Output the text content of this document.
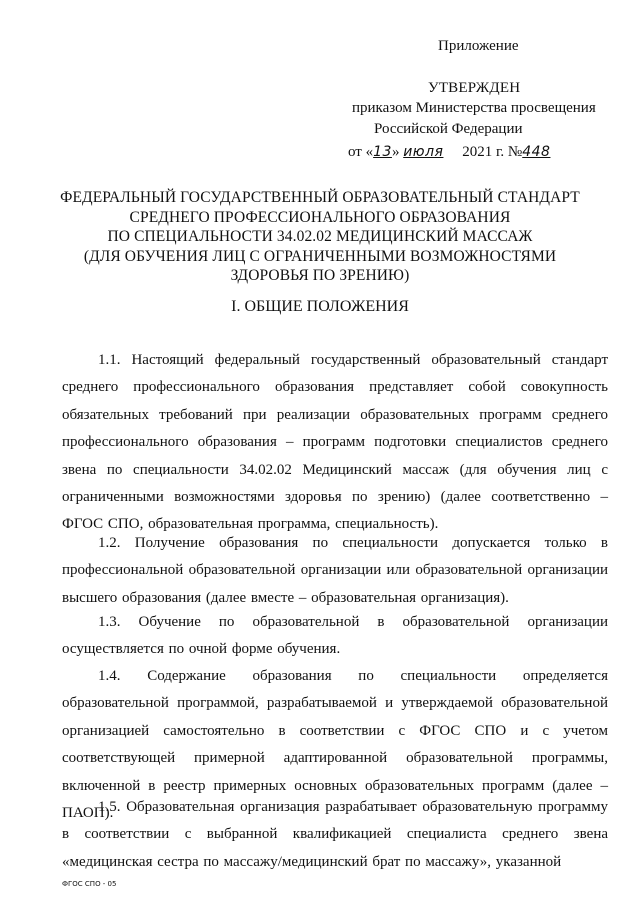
Приложение
УТВЕРЖДЕН
приказом Министерства просвещения
Российской Федерации
от «13» июля 2021 г. №448
ФЕДЕРАЛЬНЫЙ ГОСУДАРСТВЕННЫЙ ОБРАЗОВАТЕЛЬНЫЙ СТАНДАРТ
СРЕДНЕГО ПРОФЕССИОНАЛЬНОГО ОБРАЗОВАНИЯ
ПО СПЕЦИАЛЬНОСТИ 34.02.02 МЕДИЦИНСКИЙ МАССАЖ
(ДЛЯ ОБУЧЕНИЯ ЛИЦ С ОГРАНИЧЕННЫМИ ВОЗМОЖНОСТЯМИ
ЗДОРОВЬЯ ПО ЗРЕНИЮ)
I. ОБЩИЕ ПОЛОЖЕНИЯ
1.1. Настоящий федеральный государственный образовательный стандарт среднего профессионального образования представляет собой совокупность обязательных требований при реализации образовательных программ среднего профессионального образования – программ подготовки специалистов среднего звена по специальности 34.02.02 Медицинский массаж (для обучения лиц с ограниченными возможностями здоровья по зрению) (далее соответственно – ФГОС СПО, образовательная программа, специальность).
1.2. Получение образования по специальности допускается только в профессиональной образовательной организации или образовательной организации высшего образования (далее вместе – образовательная организация).
1.3. Обучение по образовательной в образовательной организации осуществляется по очной форме обучения.
1.4. Содержание образования по специальности определяется образовательной программой, разрабатываемой и утверждаемой образовательной организацией самостоятельно в соответствии с ФГОС СПО и с учетом соответствующей примерной адаптированной образовательной программы, включенной в реестр примерных основных образовательных программ (далее – ПАОП).
1.5. Образовательная организация разрабатывает образовательную программу в соответствии с выбранной квалификацией специалиста среднего звена «медицинская сестра по массажу/медицинский брат по массажу», указанной
ФГОС СПО - 05
